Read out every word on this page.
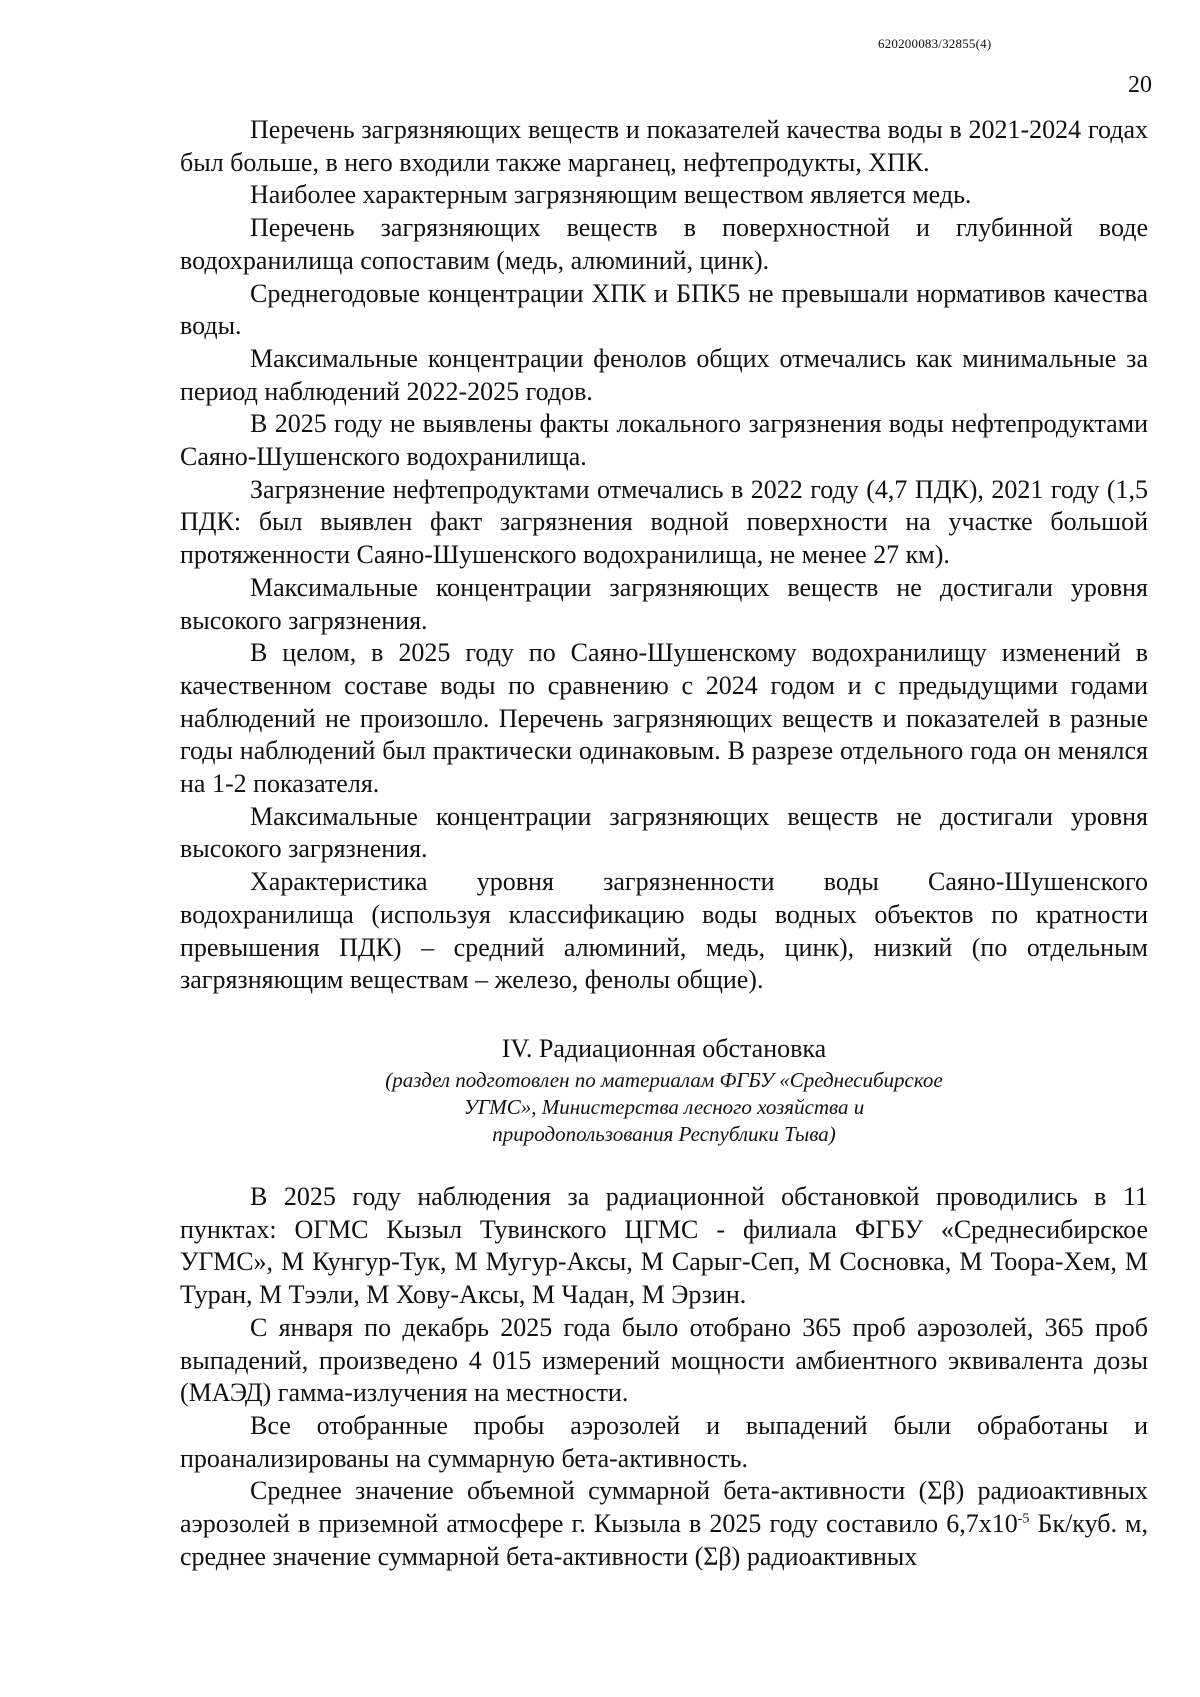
620200083/32855(4)
20

Перечень загрязняющих веществ и показателей качества воды в 2021-2024 годах был больше, в него входили также марганец, нефтепродукты, ХПК.

Наиболее характерным загрязняющим веществом является медь.

Перечень загрязняющих веществ в поверхностной и глубинной воде водохранилища сопоставим (медь, алюминий, цинк).

Среднегодовые концентрации ХПК и БПК5 не превышали нормативов качества воды.

Максимальные концентрации фенолов общих отмечались как минимальные за период наблюдений 2022-2025 годов.

В 2025 году не выявлены факты локального загрязнения воды нефтепродуктами Саяно-Шушенского водохранилища.

Загрязнение нефтепродуктами отмечались в 2022 году (4,7 ПДК), 2021 году (1,5 ПДК: был выявлен факт загрязнения водной поверхности на участке большой протяженности Саяно-Шушенского водохранилища, не менее 27 км).

Максимальные концентрации загрязняющих веществ не достигали уровня высокого загрязнения.

В целом, в 2025 году по Саяно-Шушенскому водохранилищу изменений в качественном составе воды по сравнению с 2024 годом и с предыдущими годами наблюдений не произошло. Перечень загрязняющих веществ и показателей в разные годы наблюдений был практически одинаковым. В разрезе отдельного года он менялся на 1-2 показателя.

Максимальные концентрации загрязняющих веществ не достигали уровня высокого загрязнения.

Характеристика уровня загрязненности воды Саяно-Шушенского водохранилища (используя классификацию воды водных объектов по кратности превышения ПДК) – средний алюминий, медь, цинк), низкий (по отдельным загрязняющим веществам – железо, фенолы общие).

IV. Радиационная обстановка
(раздел подготовлен по материалам ФГБУ «Среднесибирское УГМС», Министерства лесного хозяйства и природопользования Республики Тыва)

В 2025 году наблюдения за радиационной обстановкой проводились в 11 пунктах: ОГМС Кызыл Тувинского ЦГМС - филиала ФГБУ «Среднесибирское УГМС», М Кунгур-Тук, М Мугур-Аксы, М Сарыг-Сеп, М Сосновка, М Тоора-Хем, М Туран, М Тээли, М Хову-Аксы, М Чадан, М Эрзин.

С января по декабрь 2025 года было отобрано 365 проб аэрозолей, 365 проб выпадений, произведено 4 015 измерений мощности амбиентного эквивалента дозы (МАЭД) гамма-излучения на местности.

Все отобранные пробы аэрозолей и выпадений были обработаны и проанализированы на суммарную бета-активность.

Среднее значение объемной суммарной бета-активности (Σβ) радиоактивных аэрозолей в приземной атмосфере г. Кызыла в 2025 году составило $6,7х10^{-5}$ Бк/куб. м, среднее значение суммарной бета-активности (Σβ) радиоактивных
